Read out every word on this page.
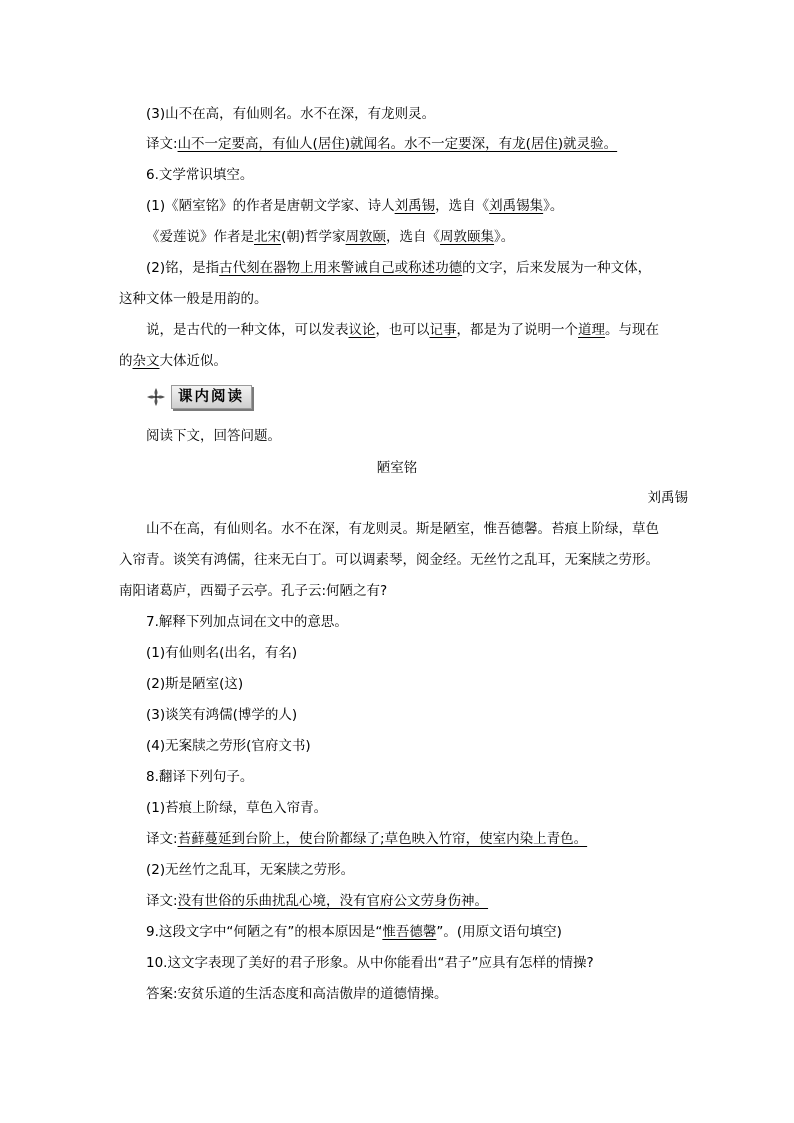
(3)山不在高，有仙则名。水不在深，有龙则灵。

译文:山不一定要高，有仙人(居住)就闻名。水不一定要深，有龙(居住)就灵验。

6.文学常识填空。

(1)《陋室铭》的作者是唐朝文学家、诗人刘禹锡，选自《刘禹锡集》。

《爱莲说》作者是北宋(朝)哲学家周敦颐，选自《周敦颐集》。

(2)铭，是指古代刻在器物上用来警诫自己或称述功德的文字，后来发展为一种文体，

这种文体一般是用韵的。

说，是古代的一种文体，可以发表议论，也可以记事，都是为了说明一个道理。与现在

的杂文大体近似。

课内阅读

阅读下文，回答问题。

陋室铭

刘禹锡

山不在高，有仙则名。水不在深，有龙则灵。斯是陋室，惟吾德馨。苔痕上阶绿，草色

入帘青。谈笑有鸿儒，往来无白丁。可以调素琴，阅金经。无丝竹之乱耳，无案牍之劳形。

南阳诸葛庐，西蜀子云亭。孔子云:何陋之有?

7.解释下列加点词在文中的意思。

(1)有仙则名(出名，有名)

(2)斯是陋室(这)

(3)谈笑有鸿儒(博学的人)

(4)无案牍之劳形(官府文书)

8.翻译下列句子。

(1)苔痕上阶绿，草色入帘青。

译文:苔藓蔓延到台阶上，使台阶都绿了;草色映入竹帘，使室内染上青色。

(2)无丝竹之乱耳，无案牍之劳形。

译文:没有世俗的乐曲扰乱心境，没有官府公文劳身伤神。

9.这段文字中“何陋之有”的根本原因是“惟吾德馨”。(用原文语句填空)

10.这文字表现了美好的君子形象。从中你能看出“君子”应具有怎样的情操?

答案:安贫乐道的生活态度和高洁傲岸的道德情操。
